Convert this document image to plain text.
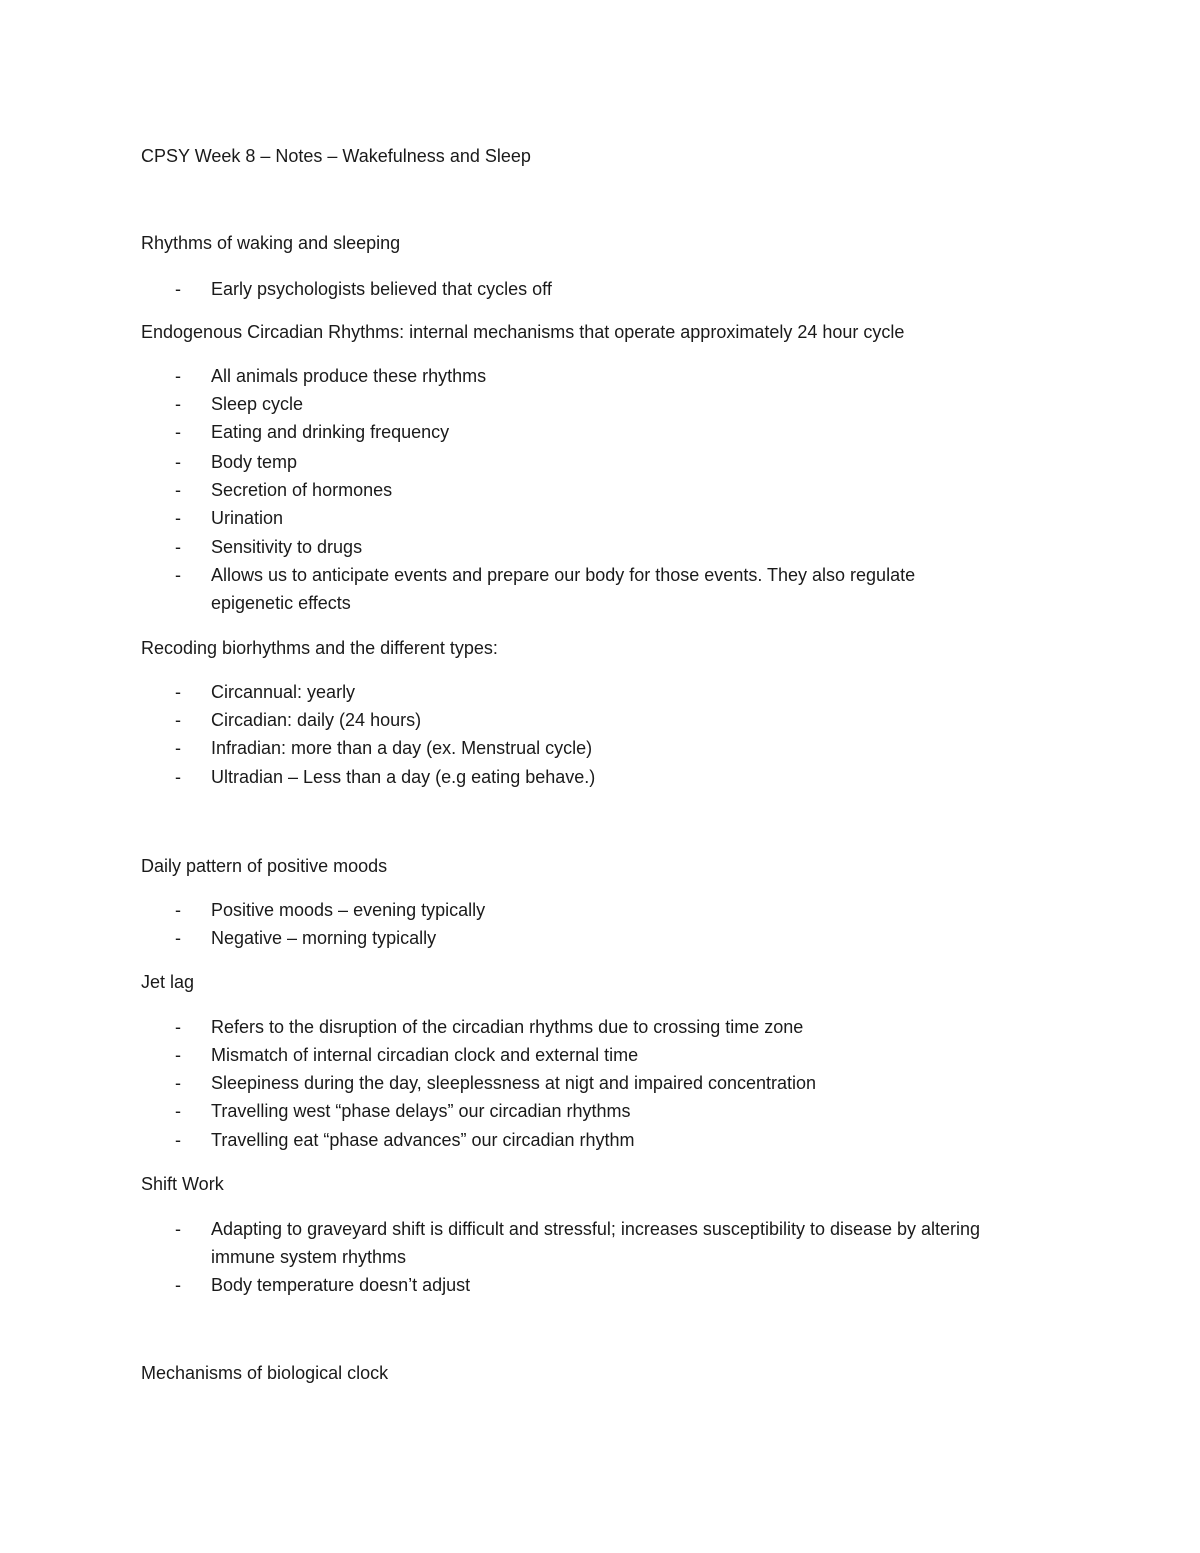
CPSY Week 8 – Notes – Wakefulness and Sleep
Rhythms of waking and sleeping
- Early psychologists believed that cycles off
Endogenous Circadian Rhythms: internal mechanisms that operate approximately 24 hour cycle
- All animals produce these rhythms
- Sleep cycle
- Eating and drinking frequency
- Body temp
- Secretion of hormones
- Urination
- Sensitivity to drugs
- Allows us to anticipate events and prepare our body for those events. They also regulate
epigenetic effects
Recoding biorhythms and the different types:
- Circannual: yearly
- Circadian: daily (24 hours)
- Infradian: more than a day (ex. Menstrual cycle)
- Ultradian – Less than a day (e.g eating behave.)
Daily pattern of positive moods
- Positive moods – evening typically
- Negative – morning typically
Jet lag
- Refers to the disruption of the circadian rhythms due to crossing time zone
- Mismatch of internal circadian clock and external time
- Sleepiness during the day, sleeplessness at nigt and impaired concentration
- Travelling west “phase delays” our circadian rhythms
- Travelling eat “phase advances” our circadian rhythm
Shift Work
- Adapting to graveyard shift is difficult and stressful; increases susceptibility to disease by altering
immune system rhythms
- Body temperature doesn’t adjust
Mechanisms of biological clock
